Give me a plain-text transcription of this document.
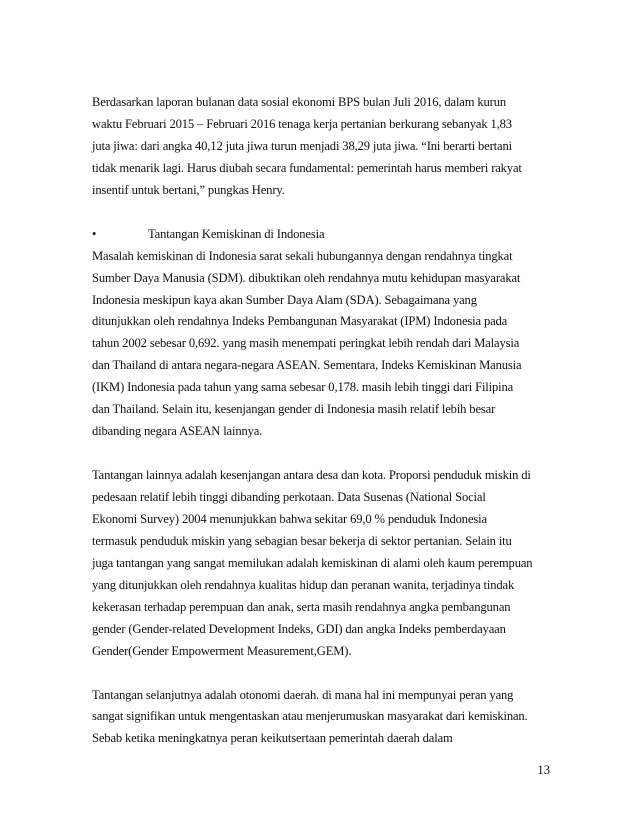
Berdasarkan laporan bulanan data sosial ekonomi BPS bulan Juli 2016, dalam kurun
waktu Februari 2015 – Februari 2016 tenaga kerja pertanian berkurang sebanyak 1,83
juta jiwa: dari angka 40,12 juta jiwa turun menjadi 38,29 juta jiwa. “Ini berarti bertani
tidak menarik lagi. Harus diubah secara fundamental: pemerintah harus memberi rakyat
insentif untuk bertani,” pungkas Henry.
•	Tantangan Kemiskinan di Indonesia
Masalah kemiskinan di Indonesia sarat sekali hubungannya dengan rendahnya tingkat
Sumber Daya Manusia (SDM). dibuktikan oleh rendahnya mutu kehidupan masyarakat
Indonesia meskipun kaya akan Sumber Daya Alam (SDA). Sebagaimana yang
ditunjukkan oleh rendahnya Indeks Pembangunan Masyarakat (IPM) Indonesia pada
tahun 2002 sebesar 0,692. yang masih menempati peringkat lebih rendah dari Malaysia
dan Thailand di antara negara-negara ASEAN. Sementara, Indeks Kemiskinan Manusia
(IKM) Indonesia pada tahun yang sama sebesar 0,178. masih lebih tinggi dari Filipina
dan Thailand. Selain itu, kesenjangan gender di Indonesia masih relatif lebih besar
dibanding negara ASEAN lainnya.
Tantangan lainnya adalah kesenjangan antara desa dan kota. Proporsi penduduk miskin di
pedesaan relatif lebih tinggi dibanding perkotaan. Data Susenas (National Social
Ekonomi Survey) 2004 menunjukkan bahwa sekitar 69,0 % penduduk Indonesia
termasuk penduduk miskin yang sebagian besar bekerja di sektor pertanian. Selain itu
juga tantangan yang sangat memilukan adalah kemiskinan di alami oleh kaum perempuan
yang ditunjukkan oleh rendahnya kualitas hidup dan peranan wanita, terjadinya tindak
kekerasan terhadap perempuan dan anak, serta masih rendahnya angka pembangunan
gender (Gender-related Development Indeks, GDI) dan angka Indeks pemberdayaan
Gender(Gender Empowerment Measurement,GEM).
Tantangan selanjutnya adalah otonomi daerah. di mana hal ini mempunyai peran yang
sangat signifikan untuk mengentaskan atau menjerumuskan masyarakat dari kemiskinan.
Sebab ketika meningkatnya peran keikutsertaan pemerintah daerah dalam
13
